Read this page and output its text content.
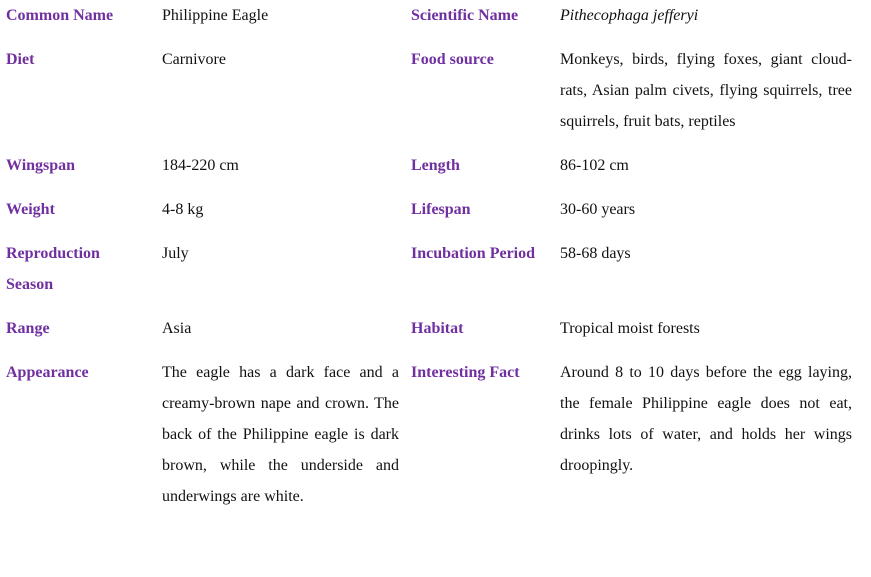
Common Name	Philippine Eagle	Scientific Name	Pithecophaga jefferyi
Diet	Carnivore	Food source	Monkeys, birds, flying foxes, giant cloud-rats, Asian palm civets, flying squirrels, tree squirrels, fruit bats, reptiles
Wingspan	184-220 cm	Length	86-102 cm
Weight	4-8 kg	Lifespan	30-60 years
Reproduction Season	July	Incubation Period	58-68 days
Range	Asia	Habitat	Tropical moist forests
Appearance	The eagle has a dark face and a creamy-brown nape and crown. The back of the Philippine eagle is dark brown, while the underside and underwings are white.	Interesting Fact	Around 8 to 10 days before the egg laying, the female Philippine eagle does not eat, drinks lots of water, and holds her wings droopingly.
